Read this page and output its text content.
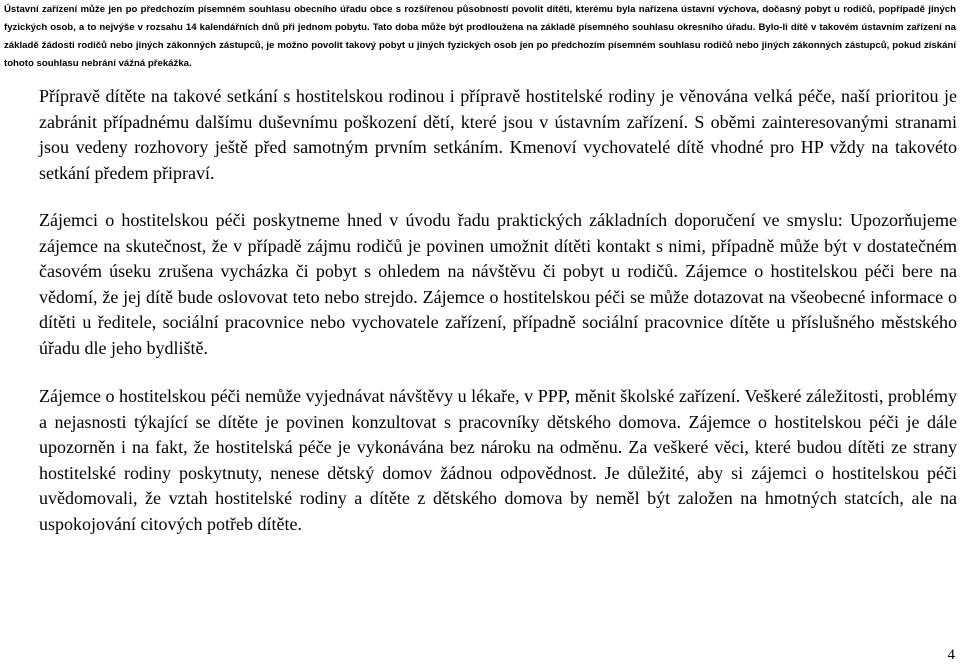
Ústavní zařízení může jen po předchozím písemném souhlasu obecního úřadu obce s rozšířenou působností povolit dítěti, kterému byla nařízena ústavní výchova, dočasný pobyt u rodičů, popřípadě jiných fyzických osob, a to nejvýše v rozsahu 14 kalendářních dnů při jednom pobytu. Tato doba může být prodloužena na základě písemného souhlasu okresního úřadu. Bylo-li dítě v takovém ústavním zařízení na základě žádosti rodičů nebo jiných zákonných zástupců, je možno povolit takový pobyt u jiných fyzických osob jen po předchozím písemném souhlasu rodičů nebo jiných zákonných zástupců, pokud získání tohoto souhlasu nebrání vážná překážka.

Přípravě dítěte na takové setkání s hostitelskou rodinou i přípravě hostitelské rodiny je věnována velká péče, naší prioritou je zabránit případnému dalšímu duševnímu poškození dětí, které jsou v ústavním zařízení. S oběmi zainteresovanými stranami jsou vedeny rozhovory ještě před samotným prvním setkáním. Kmenoví vychovatelé dítě vhodné pro HP vždy na takovéto setkání předem připraví.

Zájemci o hostitelskou péči poskytneme hned v úvodu řadu praktických základních doporučení ve smyslu: Upozorňujeme zájemce na skutečnost, že v případě zájmu rodičů je povinen umožnit dítěti kontakt s nimi, případně může být v dostatečném časovém úseku zrušena vycházka či pobyt s ohledem na návštěvu či pobyt u rodičů. Zájemce o hostitelskou péči bere na vědomí, že jej dítě bude oslovovat teto nebo strejdo. Zájemce o hostitelskou péči se může dotazovat na všeobecné informace o dítěti u ředitele, sociální pracovnice nebo vychovatele zařízení, případně sociální pracovnice dítěte u příslušného městského úřadu dle jeho bydliště.

Zájemce o hostitelskou péči nemůže vyjednávat návštěvy u lékaře, v PPP, měnit školské zařízení. Veškeré záležitosti, problémy a nejasnosti týkající se dítěte je povinen konzultovat s pracovníky dětského domova. Zájemce o hostitelskou péči je dále upozorněn i na fakt, že hostitelská péče je vykonávána bez nároku na odměnu. Za veškeré věci, které budou dítěti ze strany hostitelské rodiny poskytnuty, nenese dětský domov žádnou odpovědnost. Je důležité, aby si zájemci o hostitelskou péči uvědomovali, že vztah hostitelské rodiny a dítěte z dětského domova by neměl být založen na hmotných statcích, ale na uspokojování citových potřeb dítěte.

4
